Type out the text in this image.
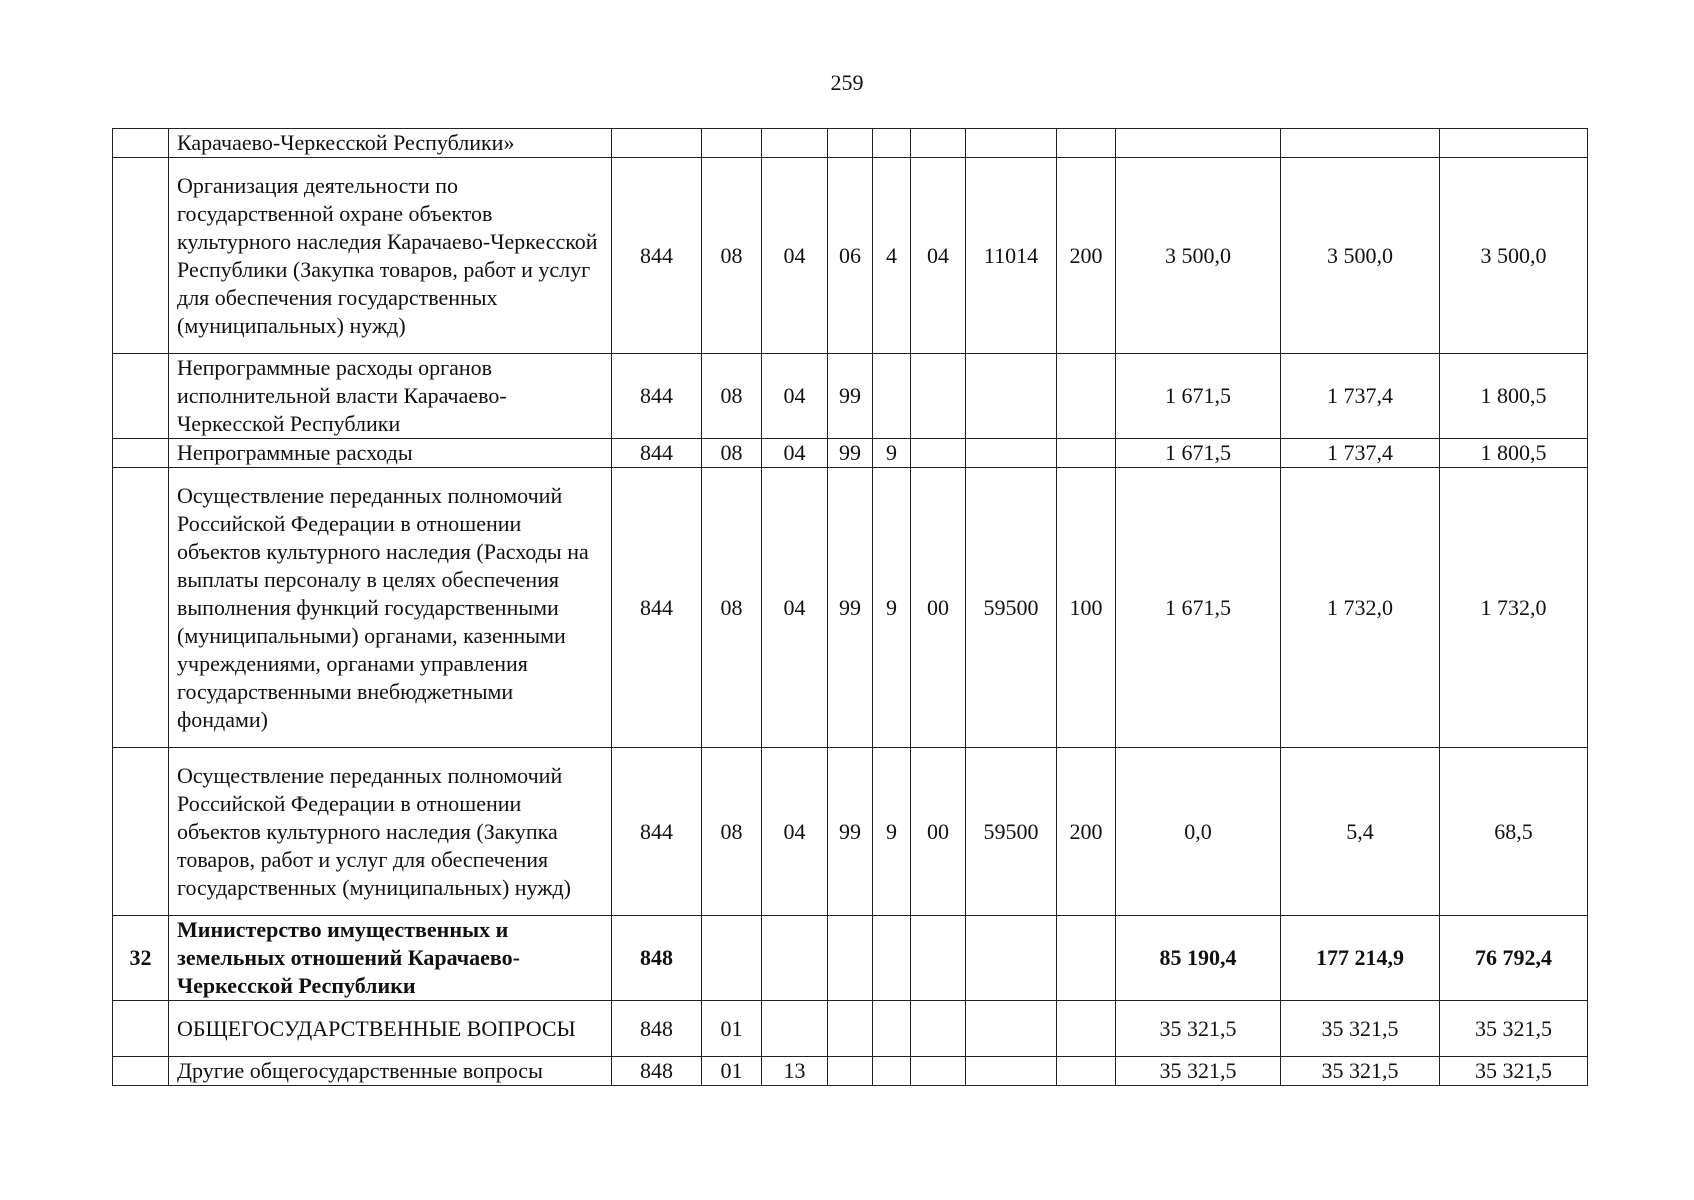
259
	Карачаево-Черкесской Республики»											
	Организация деятельности по государственной охране объектов культурного наследия Карачаево-Черкесской Республики (Закупка товаров, работ и услуг для обеспечения государственных (муниципальных) нужд)	844	08	04	06	4	04	11014	200	3 500,0	3 500,0	3 500,0
	Непрограммные расходы органов исполнительной власти Карачаево-Черкесской Республики	844	08	04	99					1 671,5	1 737,4	1 800,5
	Непрограммные расходы	844	08	04	99	9				1 671,5	1 737,4	1 800,5
	Осуществление переданных полномочий Российской Федерации в отношении объектов культурного наследия (Расходы на выплаты персоналу в целях обеспечения выполнения функций государственными (муниципальными) органами, казенными учреждениями, органами управления государственными внебюджетными фондами)	844	08	04	99	9	00	59500	100	1 671,5	1 732,0	1 732,0
	Осуществление переданных полномочий Российской Федерации в отношении объектов культурного наследия (Закупка товаров, работ и услуг для обеспечения государственных (муниципальных) нужд)	844	08	04	99	9	00	59500	200	0,0	5,4	68,5
32	Министерство имущественных и земельных отношений Карачаево-Черкесской Республики	848								85 190,4	177 214,9	76 792,4
	ОБЩЕГОСУДАРСТВЕННЫЕ ВОПРОСЫ	848	01							35 321,5	35 321,5	35 321,5
	Другие общегосударственные вопросы	848	01	13						35 321,5	35 321,5	35 321,5
